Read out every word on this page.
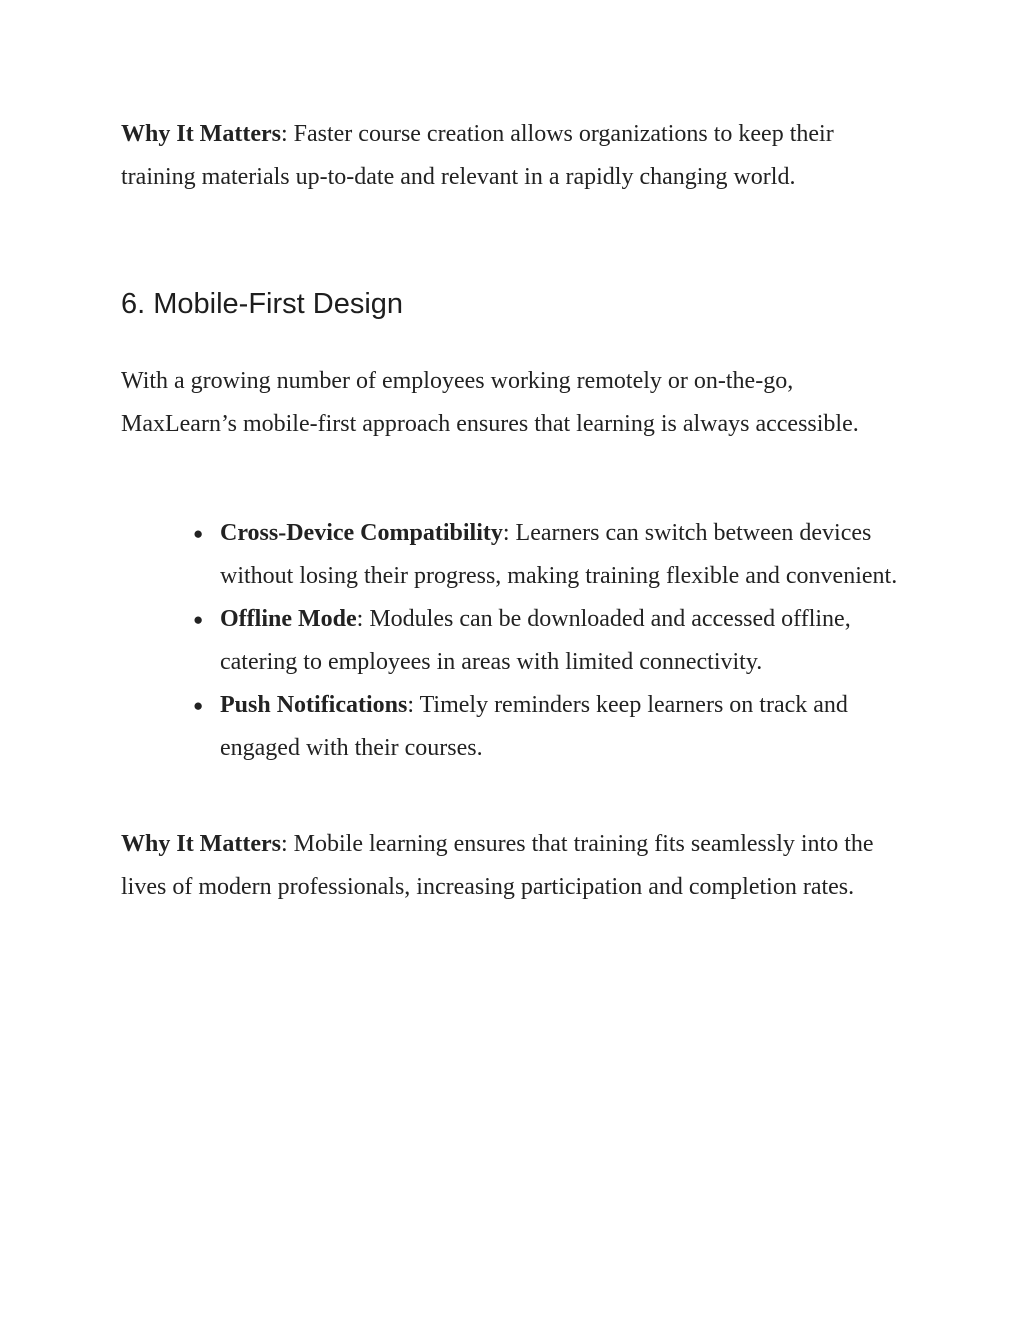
Why It Matters: Faster course creation allows organizations to keep their training materials up-to-date and relevant in a rapidly changing world.

6. Mobile-First Design

With a growing number of employees working remotely or on-the-go, MaxLearn’s mobile-first approach ensures that learning is always accessible.

● Cross-Device Compatibility: Learners can switch between devices without losing their progress, making training flexible and convenient.
● Offline Mode: Modules can be downloaded and accessed offline, catering to employees in areas with limited connectivity.
● Push Notifications: Timely reminders keep learners on track and engaged with their courses.

Why It Matters: Mobile learning ensures that training fits seamlessly into the lives of modern professionals, increasing participation and completion rates.
